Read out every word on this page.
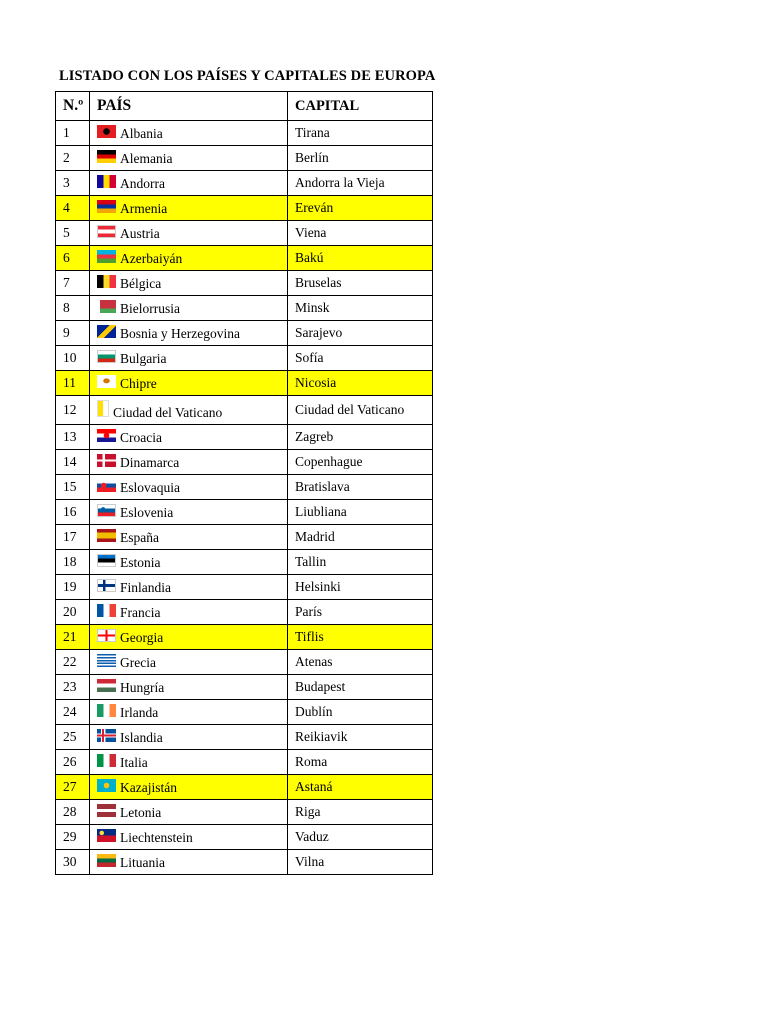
LISTADO CON LOS PAÍSES Y CAPITALES DE EUROPA
N.º	PAÍS	CAPITAL
1	Albania	Tirana
2	Alemania	Berlín
3	Andorra	Andorra la Vieja
4	Armenia	Ereván
5	Austria	Viena
6	Azerbaiyán	Bakú
7	Bélgica	Bruselas
8	Bielorrusia	Minsk
9	Bosnia y Herzegovina	Sarajevo
10	Bulgaria	Sofía
11	Chipre	Nicosia
12	Ciudad del Vaticano	Ciudad del Vaticano
13	Croacia	Zagreb
14	Dinamarca	Copenhague
15	Eslovaquia	Bratislava
16	Eslovenia	Liubliana
17	España	Madrid
18	Estonia	Tallin
19	Finlandia	Helsinki
20	Francia	París
21	Georgia	Tiflis
22	Grecia	Atenas
23	Hungría	Budapest
24	Irlanda	Dublín
25	Islandia	Reikiavik
26	Italia	Roma
27	Kazajistán	Astaná
28	Letonia	Riga
29	Liechtenstein	Vaduz
30	Lituania	Vilna
